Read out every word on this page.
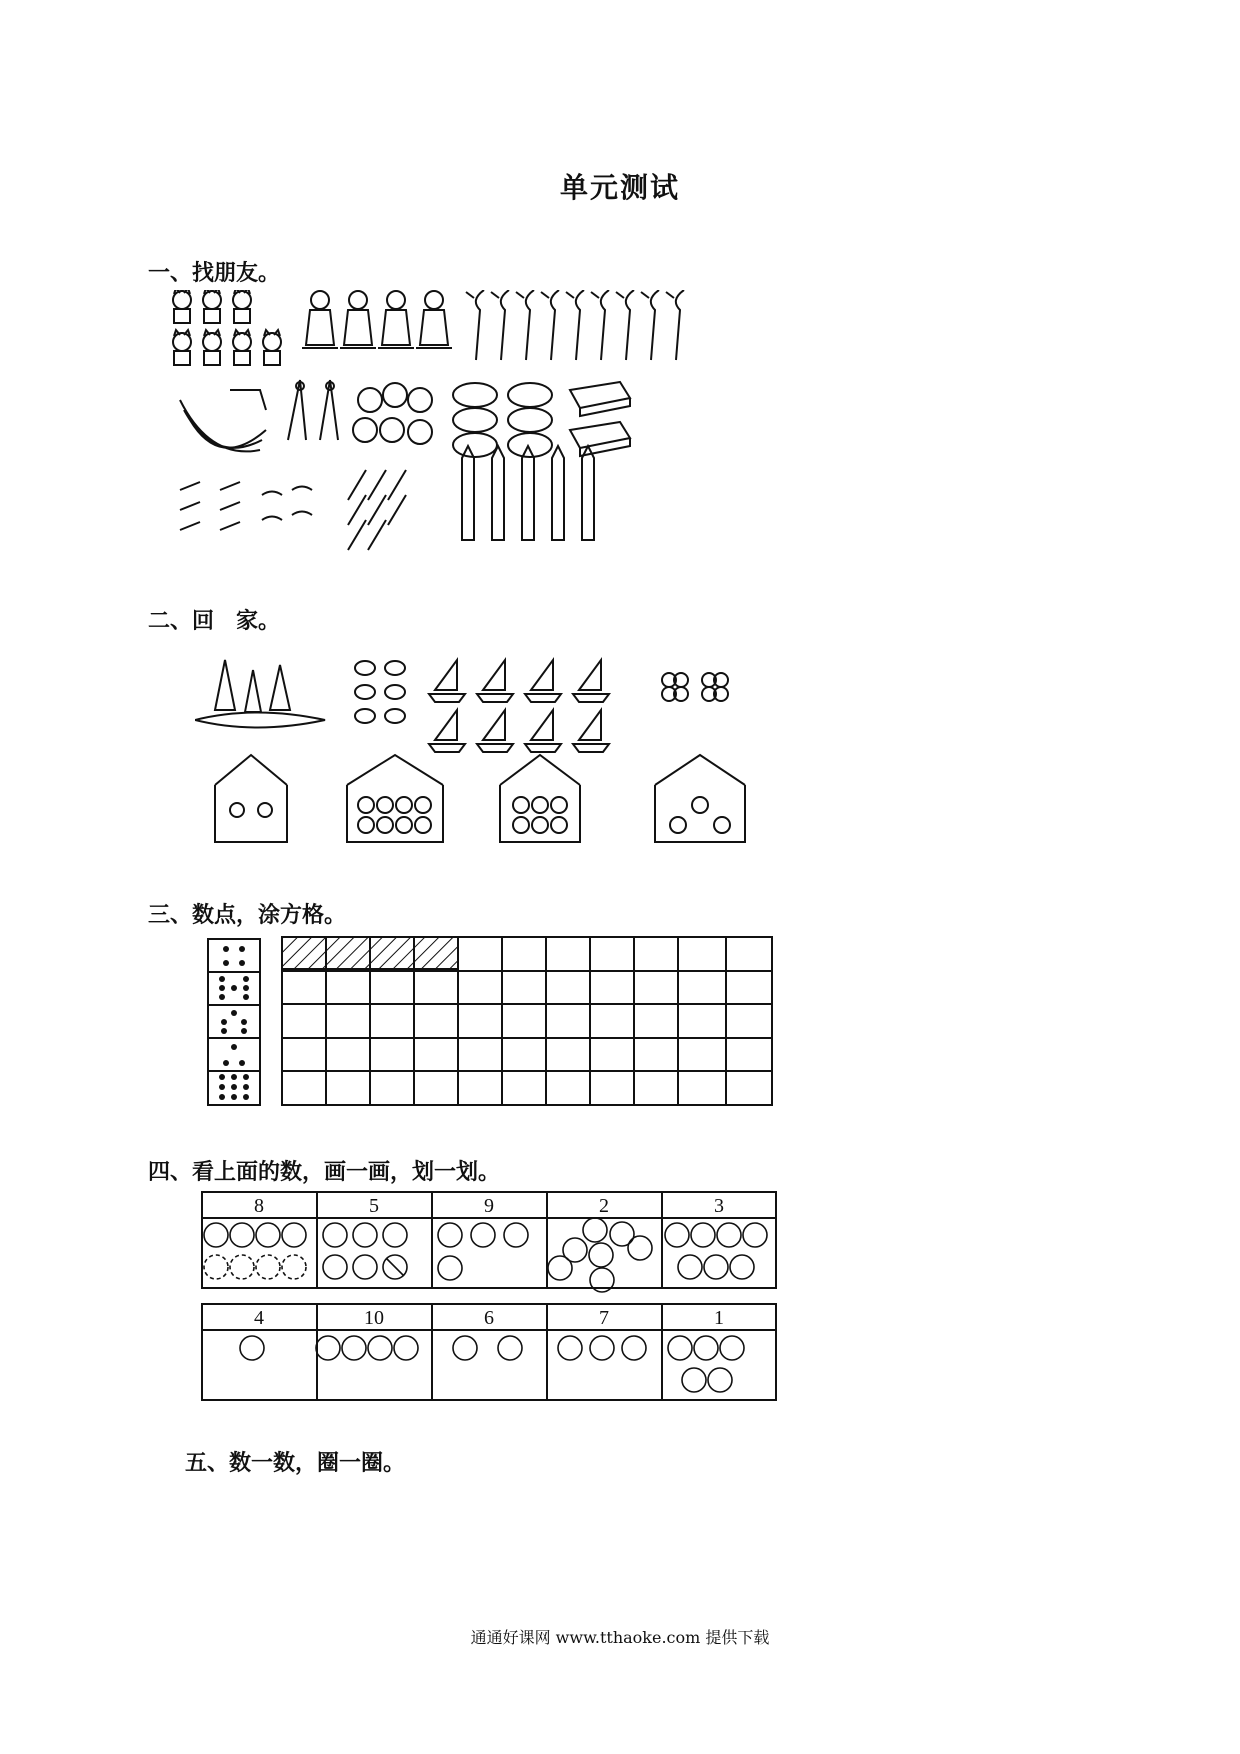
单元测试
一、找朋友。
二、回　家。
三、数点，涂方格。
四、看上面的数，画一画，划一划。
8	5	9	2	3
4	10	6	7	1
五、数一数，圈一圈。
通通好课网 www.tthaoke.com 提供下载
